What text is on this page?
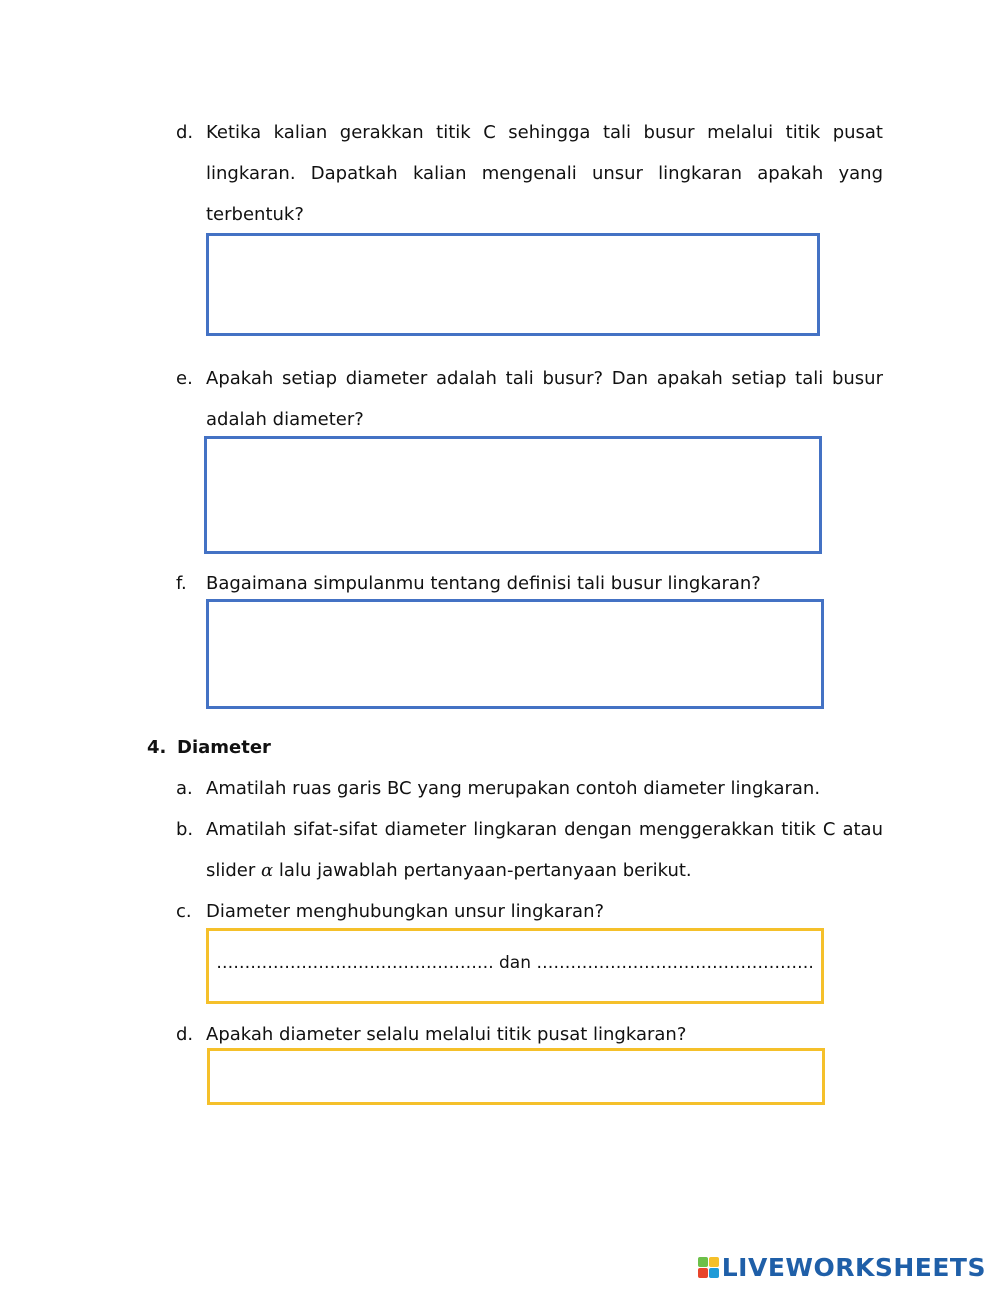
d. Ketika kalian gerakkan titik C sehingga tali busur melalui titik pusat lingkaran. Dapatkah kalian mengenali unsur lingkaran apakah yang terbentuk?
e. Apakah setiap diameter adalah tali busur? Dan apakah setiap tali busur adalah diameter?
f.	Bagaimana simpulanmu tentang definisi tali busur lingkaran?
4. Diameter
a. Amatilah ruas garis BC yang merupakan contoh diameter lingkaran.
b. Amatilah sifat-sifat diameter lingkaran dengan menggerakkan titik C atau slider α lalu jawablah pertanyaan-pertanyaan berikut.
c. Diameter menghubungkan unsur lingkaran?
…………………………………………. dan ………………………………………….
d. Apakah diameter selalu melalui titik pusat lingkaran?
LIVEWORKSHEETS
